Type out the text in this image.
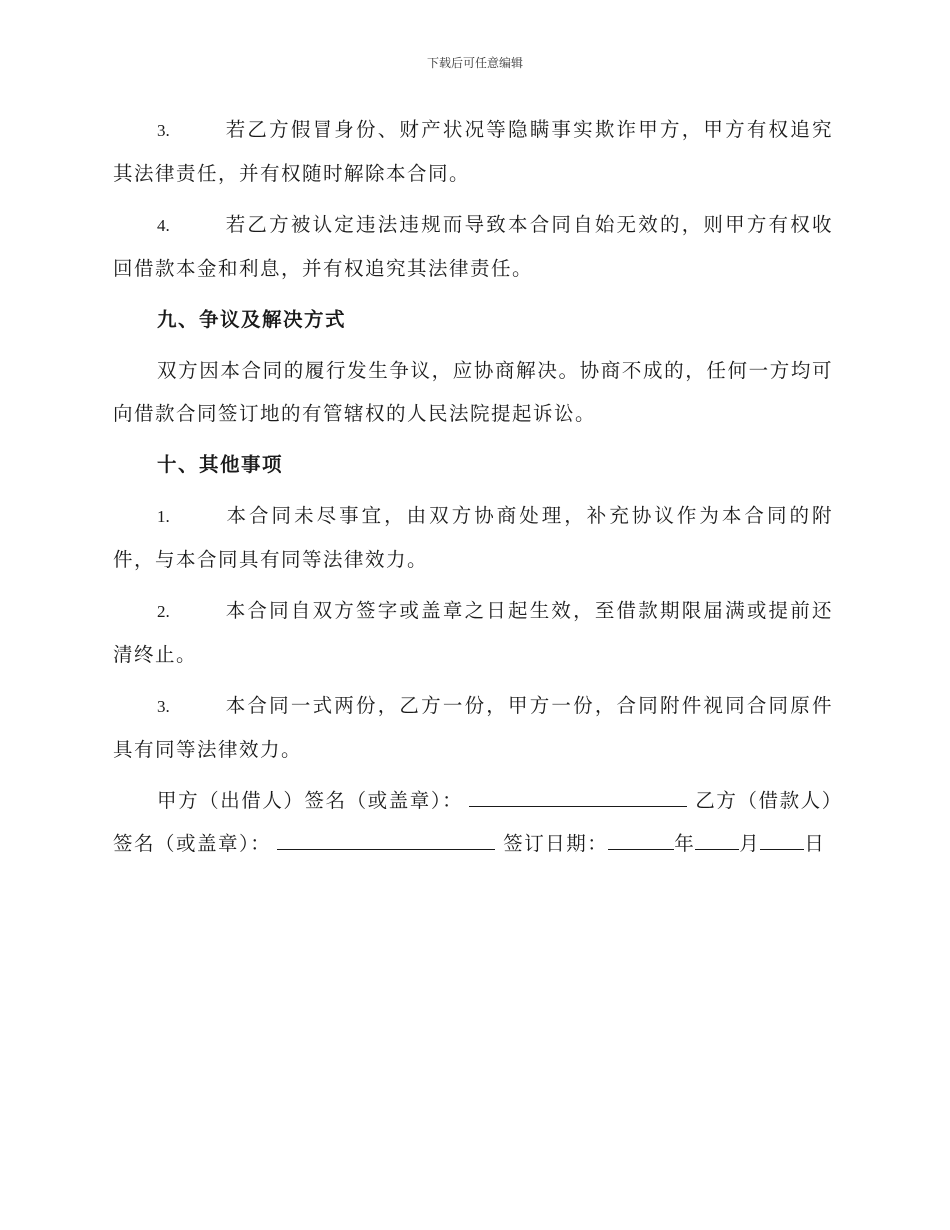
下载后可任意编辑

3.	若乙方假冒身份、财产状况等隐瞒事实欺诈甲方，甲方有权追究其法律责任，并有权随时解除本合同。

4.	若乙方被认定违法违规而导致本合同自始无效的，则甲方有权收回借款本金和利息，并有权追究其法律责任。

九、争议及解决方式

双方因本合同的履行发生争议，应协商解决。协商不成的，任何一方均可向借款合同签订地的有管辖权的人民法院提起诉讼。

十、其他事项

1.	本合同未尽事宜，由双方协商处理，补充协议作为本合同的附件，与本合同具有同等法律效力。

2.	本合同自双方签字或盖章之日起生效，至借款期限届满或提前还清终止。

3.	本合同一式两份，乙方一份，甲方一份，合同附件视同合同原件具有同等法律效力。

甲方（出借人）签名（或盖章）：	乙方（借款人）签名（或盖章）：	签订日期：	年 月 日
